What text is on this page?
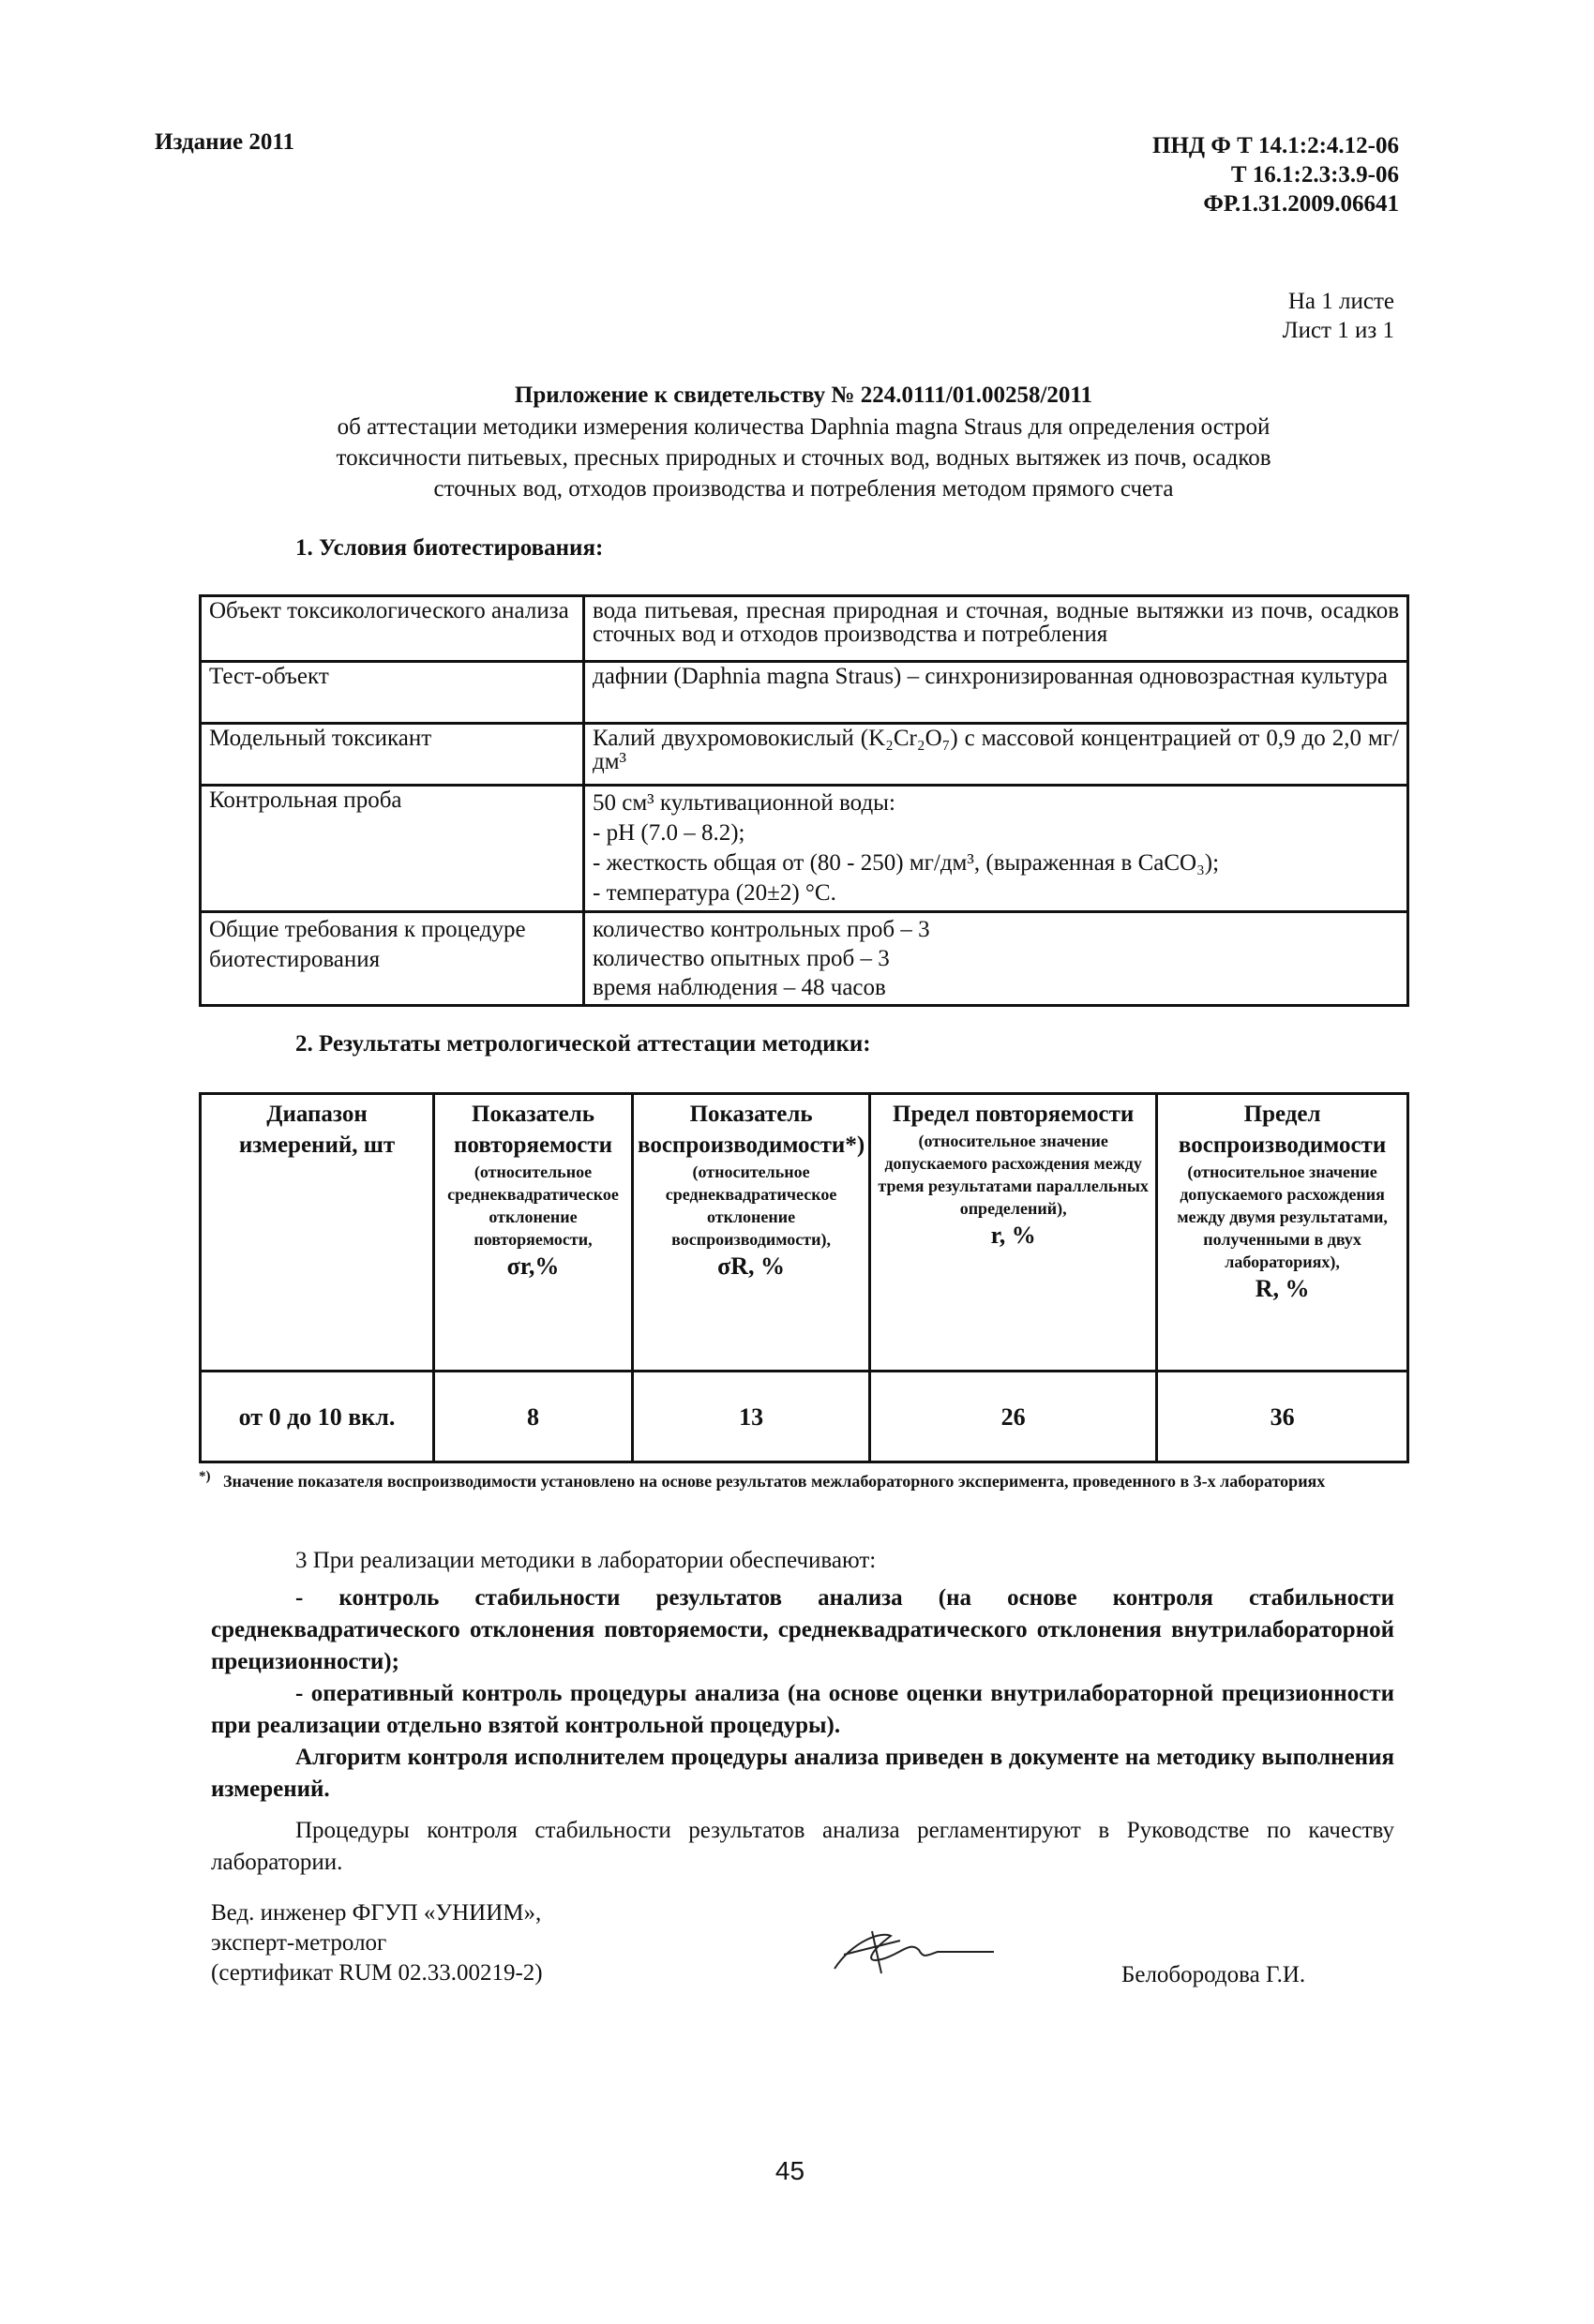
Издание 2011	ПНД Ф Т 14.1:2:4.12-06
Т 16.1:2.3:3.9-06
ФР.1.31.2009.06641
На 1 листе
Лист 1 из 1
Приложение к свидетельству № 224.0111/01.00258/2011
об аттестации методики измерения количества Daphnia magna Straus для определения острой
токсичности питьевых, пресных природных и сточных вод, водных вытяжек из почв, осадков
сточных вод, отходов производства и потребления методом прямого счета
1. Условия биотестирования:
Объект токсикологического анализа	вода питьевая, пресная природная и сточная, водные вытяжки из почв, осадков сточных вод и отходов производства и потребления
Тест-объект	дафнии (Daphnia magna Straus) – синхронизированная одновозрастная культура
Модельный токсикант	Калий двухромовокислый (K₂Cr₂O₇) с массовой концентрацией от 0,9 до 2,0 мг/дм³
Контрольная проба	50 см³ культивационной воды:
- pH (7.0 – 8.2);
- жесткость общая от (80 - 250) мг/дм³, (выраженная в CaCO₃);
- температура (20±2) °С.

Общие требования к процедуре биотестирования	количество контрольных проб – 3
количество опытных проб – 3
время наблюдения – 48 часов
2. Результаты метрологической аттестации методики:
Диапазон измерений, шт	Показатель повторяемости
(относительное среднеквадратическое отклонение повторяемости,
σr,%	Показатель воспроизводимости*)
(относительное среднеквадратическое отклонение воспроизводимости),
σR, %	Предел повторяемости
(относительное значение допускаемого расхождения между тремя результатами параллельных определений),
r, %	Предел воспроизводимости
(относительное значение допускаемого расхождения между двумя результатами, полученными в двух лабораториях),
R, %

от 0 до 10 вкл.	8	13	26	36
*) Значение показателя воспроизводимости установлено на основе результатов межлабораторного эксперимента, проведенного в 3-х лабораториях
3 При реализации методики в лаборатории обеспечивают:
- контроль стабильности результатов анализа (на основе контроля стабильности среднеквадратического отклонения повторяемости, среднеквадратического отклонения внутрилабораторной прецизионности);
- оперативный контроль процедуры анализа (на основе оценки внутрилабораторной прецизионности при реализации отдельно взятой контрольной процедуры).
Алгоритм контроля исполнителем процедуры анализа приведен в документе на методику выполнения измерений.
Процедуры контроля стабильности результатов анализа регламентируют в Руководстве по качеству лаборатории.
Вед. инженер ФГУП «УНИИМ»,
эксперт-метролог
(сертификат RUM 02.33.00219-2)	Белобородова Г.И.
45
